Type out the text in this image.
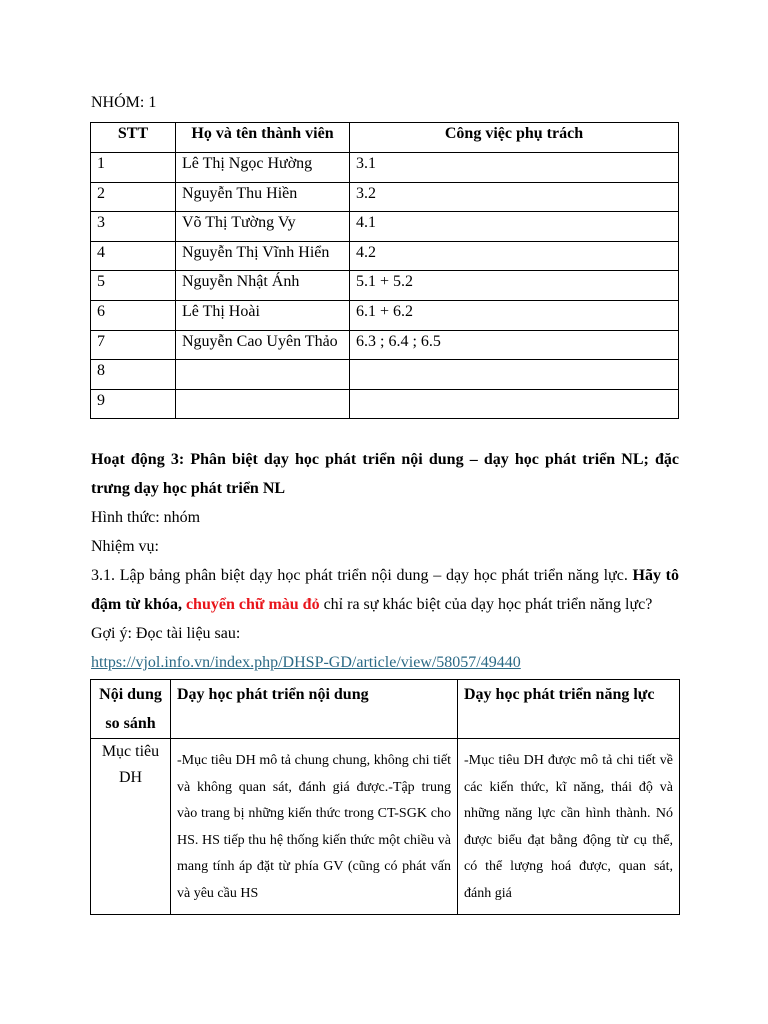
NHÓM: 1
STT	Họ và tên thành viên	Công việc phụ trách

1	Lê Thị Ngọc Hường	3.1

2	Nguyễn Thu Hiền	3.2

3	Võ Thị Tường Vy	4.1

4	Nguyễn Thị Vĩnh Hiển	4.2

5	Nguyễn Nhật Ánh	5.1 + 5.2

6	Lê Thị Hoài	6.1 + 6.2

7	Nguyễn Cao Uyên Thảo	6.3 ; 6.4 ; 6.5

8		

9		

Hoạt động 3: Phân biệt dạy học phát triển nội dung – dạy học phát triển NL; đặc trưng dạy học phát triển NL

Hình thức: nhóm

Nhiệm vụ:

3.1. Lập bảng phân biệt dạy học phát triển nội dung – dạy học phát triển năng lực. Hãy tô đậm từ khóa, chuyển chữ màu đỏ chỉ ra sự khác biệt của dạy học phát triển năng lực?

Gợi ý: Đọc tài liệu sau:

https://vjol.info.vn/index.php/DHSP-GD/article/view/58057/49440

Nội dung so sánh	Dạy học phát triển nội dung	Dạy học phát triển năng lực
Mục tiêu DH	-Mục tiêu DH mô tả chung chung, không chi tiết và không quan sát, đánh giá được.-Tập trung vào trang bị những kiến thức trong CT-SGK cho HS. HS tiếp thu hệ thống kiến thức một chiều và mang tính áp đặt từ phía GV (cũng có phát vấn và yêu cầu HS	-Mục tiêu DH được mô tả chi tiết về các kiến thức, kĩ năng, thái độ và những năng lực cần hình thành. Nó được biểu đạt bằng động từ cụ thể, có thể lượng hoá được, quan sát, đánh giá
